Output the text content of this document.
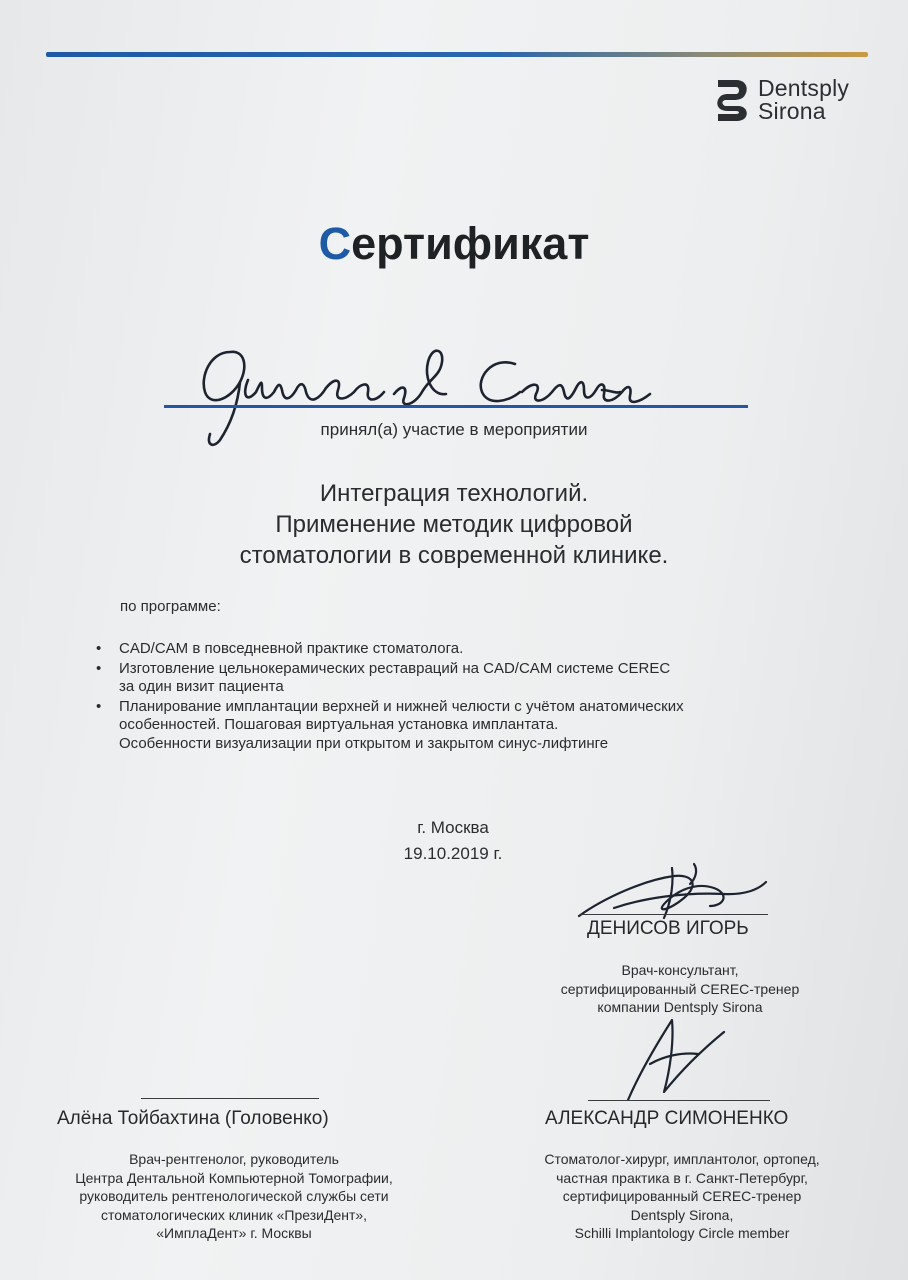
Dentsply
Sirona
Сертификат
принял(а) участие в мероприятии
Интеграция технологий.
Применение методик цифровой
стоматологии в современной клинике.
по программе:
• CAD/CAM в повседневной практике стоматолога.
• Изготовление цельнокерамических реставраций на CAD/CAM системе CEREC
за один визит пациента
• Планирование имплантации верхней и нижней челюсти с учётом анатомических
особенностей. Пошаговая виртуальная установка имплантата.
Особенности визуализации при открытом и закрытом синус-лифтинге
г. Москва
19.10.2019 г.
ДЕНИСОВ ИГОРЬ
Врач-консультант,
сертифицированный CEREC-тренер
компании Dentsply Sirona
АЛЕКСАНДР СИМОНЕНКО
Стоматолог-хирург, имплантолог, ортопед,
частная практика в г. Санкт-Петербург,
сертифицированный CEREC-тренер
Dentsply Sirona,
Schilli Implantology Circle member
Алёна Тойбахтина (Головенко)
Врач-рентгенолог, руководитель
Центра Дентальной Компьютерной Томографии,
руководитель рентгенологической службы сети
стоматологических клиник «ПрезиДент»,
«ИмплаДент» г. Москвы
